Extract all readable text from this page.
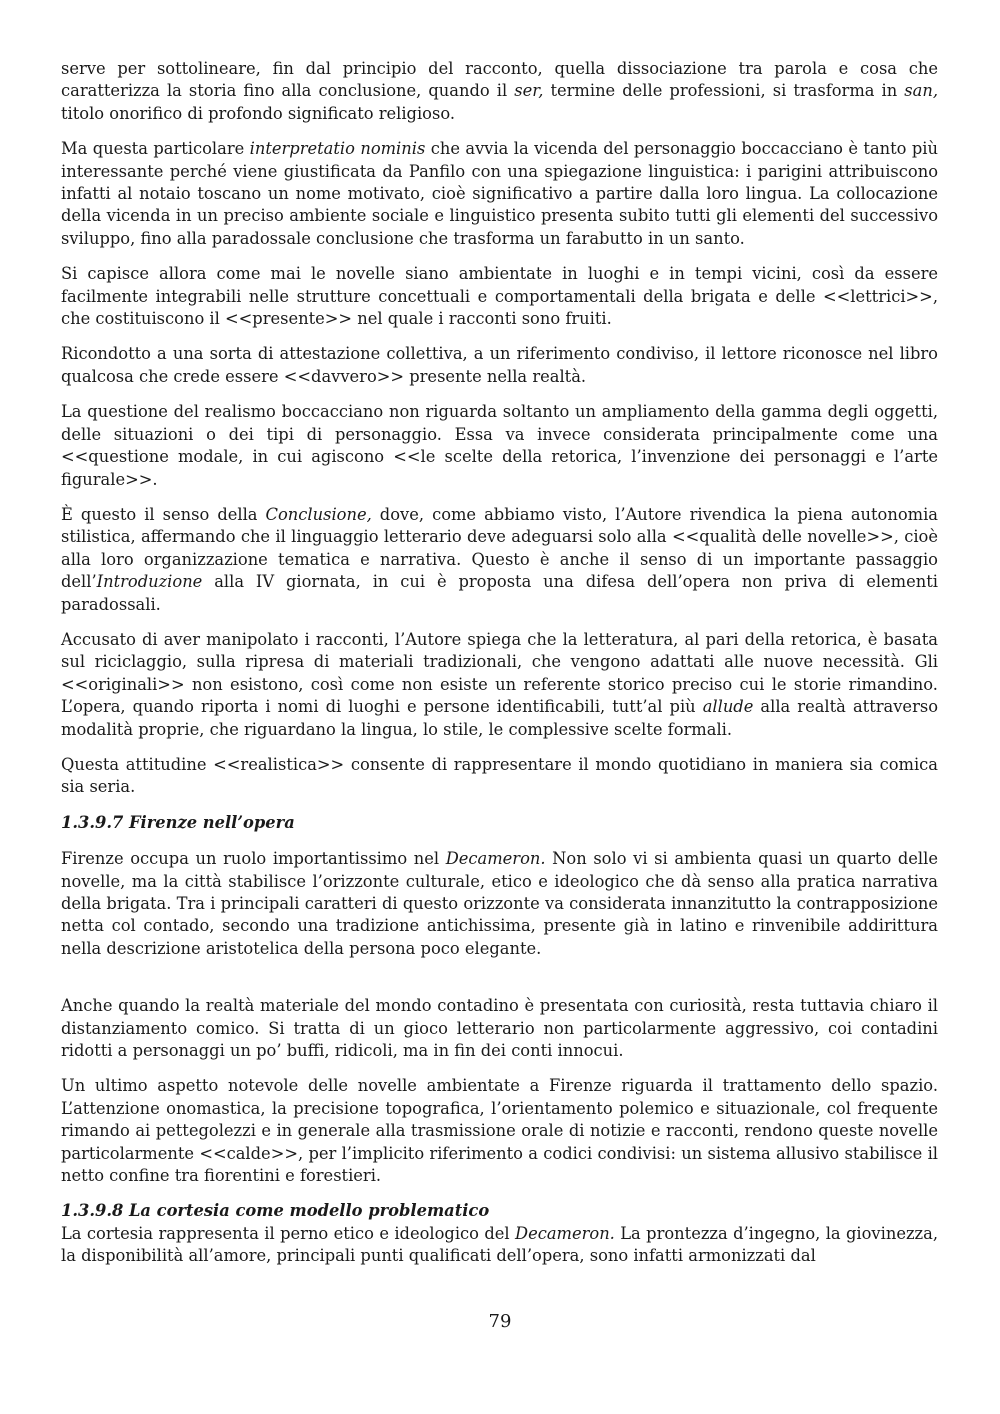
serve per sottolineare, fin dal principio del racconto, quella dissociazione tra parola e cosa che caratterizza la storia fino alla conclusione, quando il ser, termine delle professioni, si trasforma in san, titolo onorifico di profondo significato religioso.

Ma questa particolare interpretatio nominis che avvia la vicenda del personaggio boccacciano è tanto più interessante perché viene giustificata da Panfilo con una spiegazione linguistica: i parigini attribuiscono infatti al notaio toscano un nome motivato, cioè significativo a partire dalla loro lingua. La collocazione della vicenda in un preciso ambiente sociale e linguistico presenta subito tutti gli elementi del successivo sviluppo, fino alla paradossale conclusione che trasforma un farabutto in un santo.

Si capisce allora come mai le novelle siano ambientate in luoghi e in tempi vicini, così da essere facilmente integrabili nelle strutture concettuali e comportamentali della brigata e delle <<lettrici>>, che costituiscono il <<presente>> nel quale i racconti sono fruiti.

Ricondotto a una sorta di attestazione collettiva, a un riferimento condiviso, il lettore riconosce nel libro qualcosa che crede essere <<davvero>> presente nella realtà.

La questione del realismo boccacciano non riguarda soltanto un ampliamento della gamma degli oggetti, delle situazioni o dei tipi di personaggio. Essa va invece considerata principalmente come una <<questione modale, in cui agiscono <<le scelte della retorica, l’invenzione dei personaggi e l’arte figurale>>.

È questo il senso della Conclusione, dove, come abbiamo visto, l’Autore rivendica la piena autonomia stilistica, affermando che il linguaggio letterario deve adeguarsi solo alla <<qualità delle novelle>>, cioè alla loro organizzazione tematica e narrativa. Questo è anche il senso di un importante passaggio dell’Introduzione alla IV giornata, in cui è proposta una difesa dell’opera non priva di elementi paradossali.

Accusato di aver manipolato i racconti, l’Autore spiega che la letteratura, al pari della retorica, è basata sul riciclaggio, sulla ripresa di materiali tradizionali, che vengono adattati alle nuove necessità. Gli <<originali>> non esistono, così come non esiste un referente storico preciso cui le storie rimandino. L’opera, quando riporta i nomi di luoghi e persone identificabili, tutt’al più allude alla realtà attraverso modalità proprie, che riguardano la lingua, lo stile, le complessive scelte formali.

Questa attitudine <<realistica>> consente di rappresentare il mondo quotidiano in maniera sia comica sia seria.

1.3.9.7 Firenze nell’opera

Firenze occupa un ruolo importantissimo nel Decameron. Non solo vi si ambienta quasi un quarto delle novelle, ma la città stabilisce l’orizzonte culturale, etico e ideologico che dà senso alla pratica narrativa della brigata. Tra i principali caratteri di questo orizzonte va considerata innanzitutto la contrapposizione netta col contado, secondo una tradizione antichissima, presente già in latino e rinvenibile addirittura nella descrizione aristotelica della persona poco elegante.

Anche quando la realtà materiale del mondo contadino è presentata con curiosità, resta tuttavia chiaro il distanziamento comico. Si tratta di un gioco letterario non particolarmente aggressivo, coi contadini ridotti a personaggi un po’ buffi, ridicoli, ma in fin dei conti innocui.

Un ultimo aspetto notevole delle novelle ambientate a Firenze riguarda il trattamento dello spazio. L’attenzione onomastica, la precisione topografica, l’orientamento polemico e situazionale, col frequente rimando ai pettegolezzi e in generale alla trasmissione orale di notizie e racconti, rendono queste novelle particolarmente <<calde>>, per l’implicito riferimento a codici condivisi: un sistema allusivo stabilisce il netto confine tra fiorentini e forestieri.

1.3.9.8 La cortesia come modello problematico

La cortesia rappresenta il perno etico e ideologico del Decameron. La prontezza d’ingegno, la giovinezza, la disponibilità all’amore, principali punti qualificati dell’opera, sono infatti armonizzati dal

79
